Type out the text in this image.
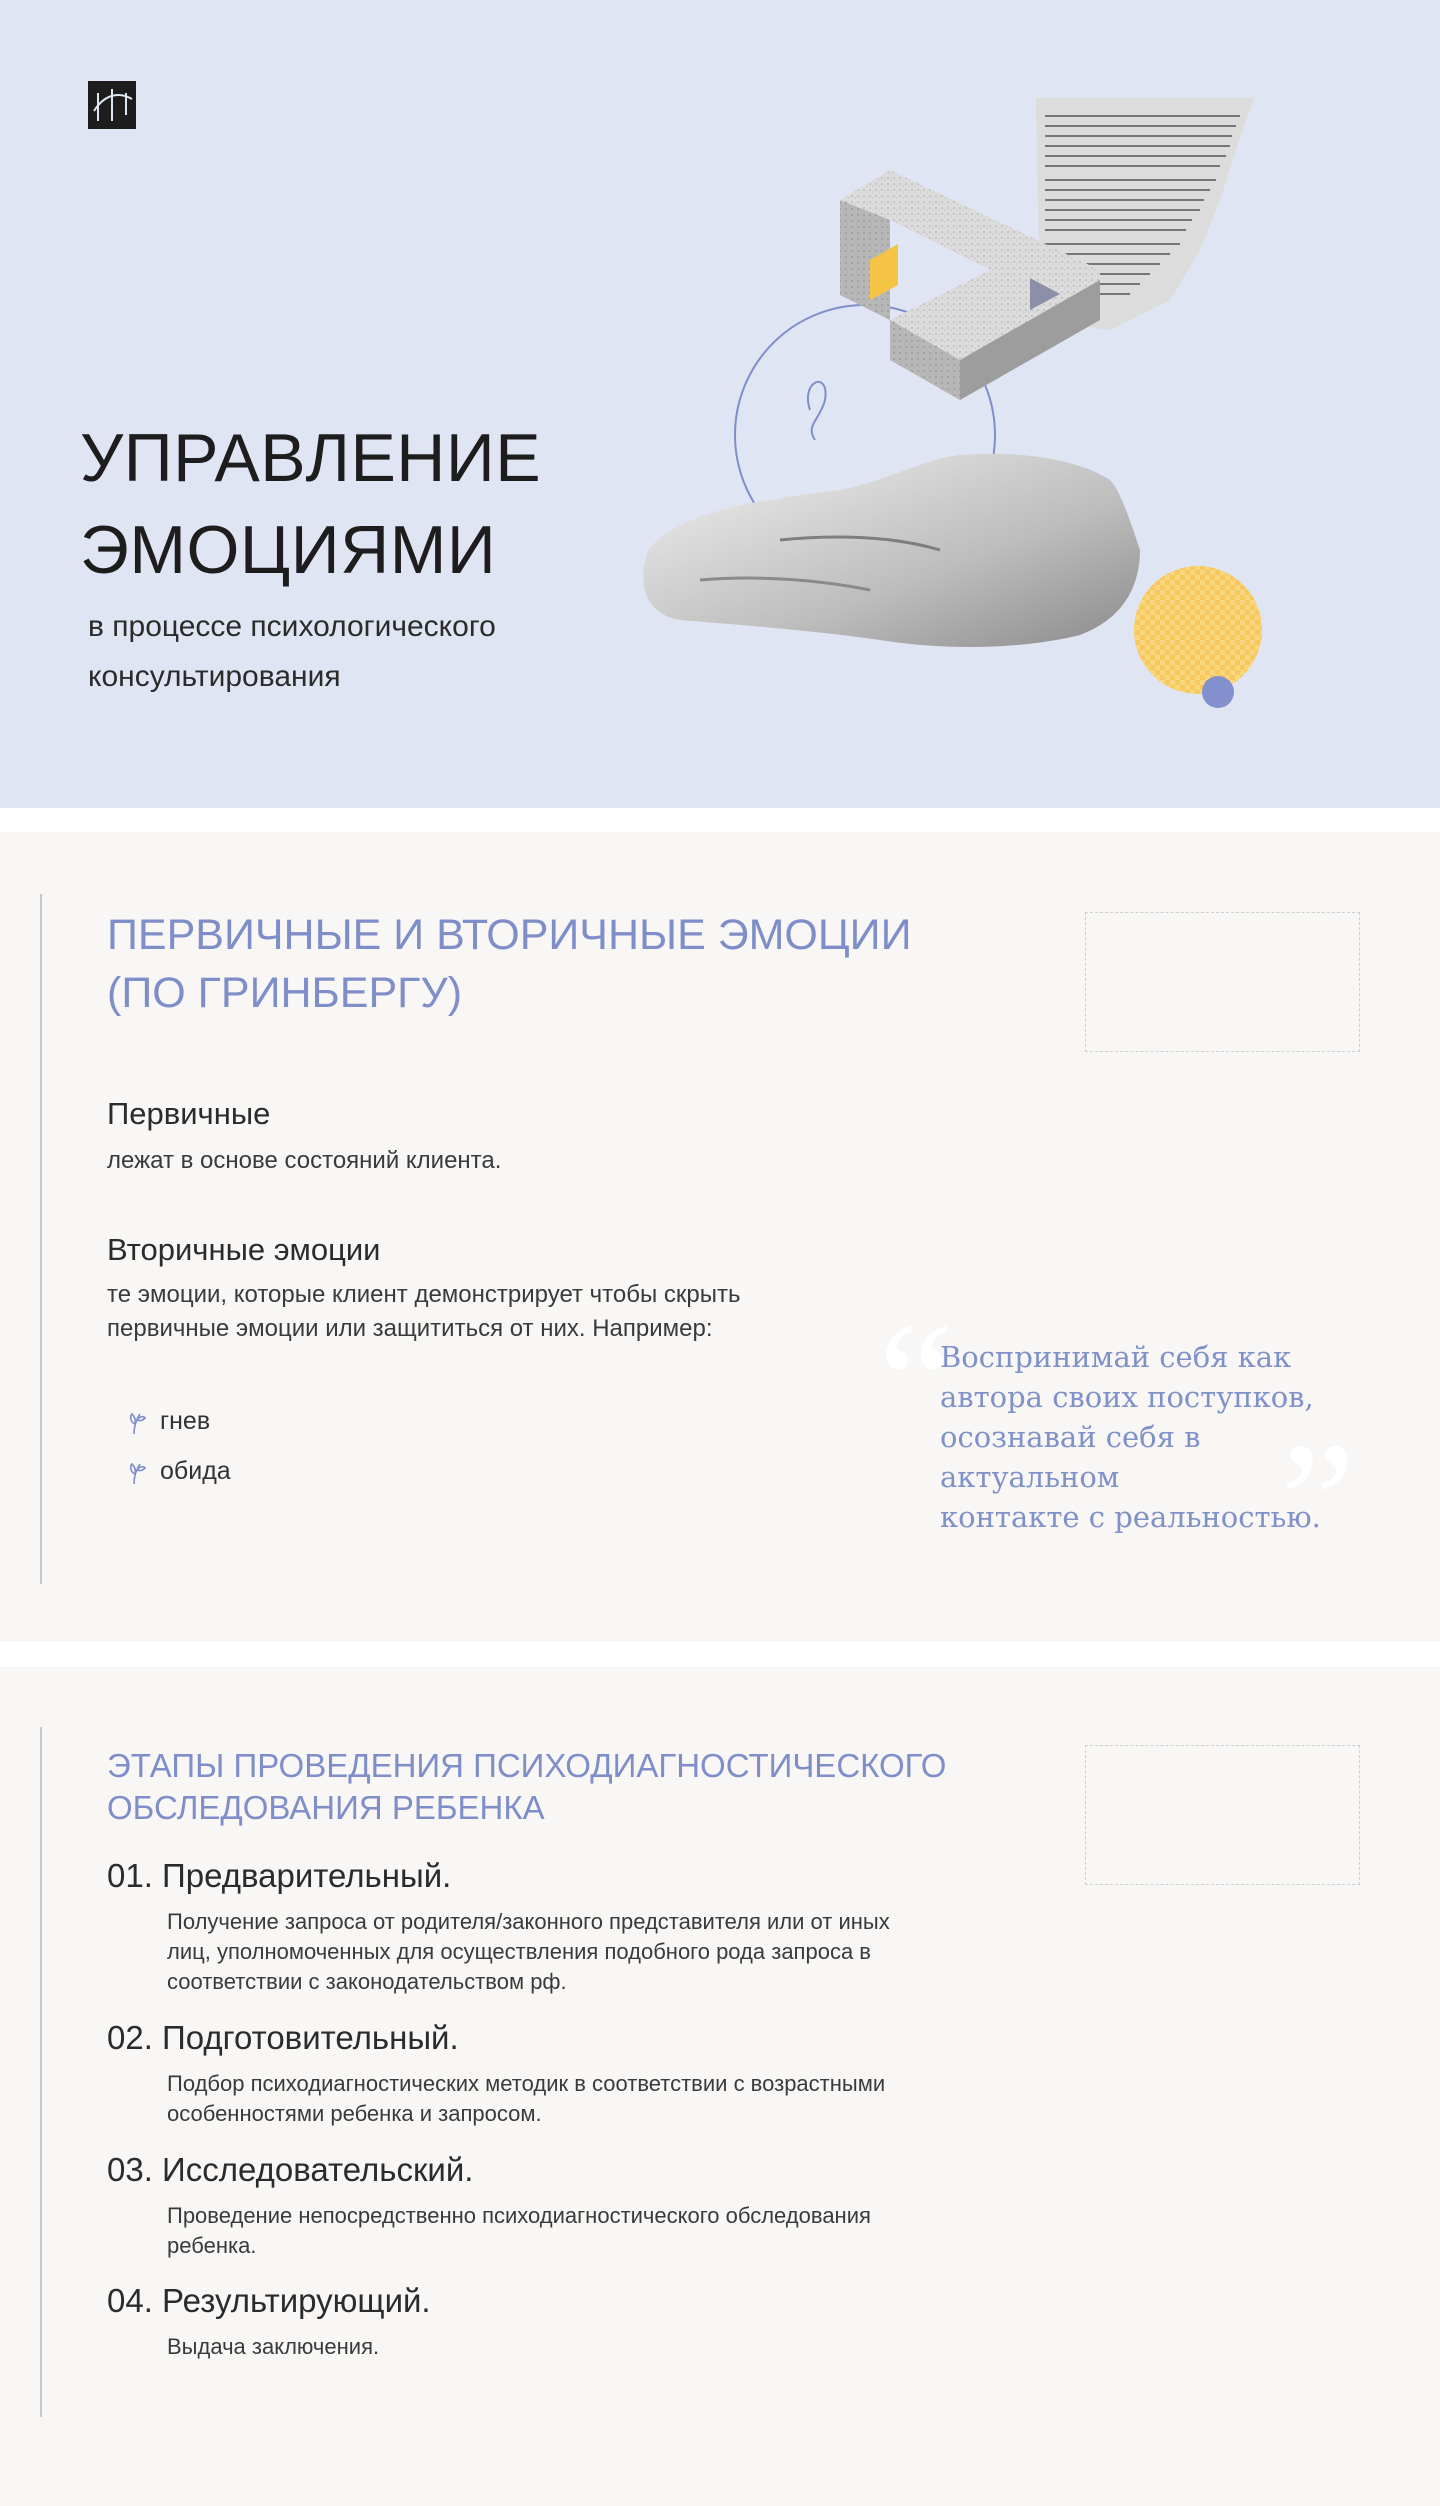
УПРАВЛЕНИЕ
ЭМОЦИЯМИ
в процессе психологического
консультирования
ПЕРВИЧНЫЕ И ВТОРИЧНЫЕ ЭМОЦИИ
(ПО ГРИНБЕРГУ)
Первичные

лежат в основе состояний клиента.

Вторичные эмоции
те эмоции, которые клиент демонстрирует чтобы скрыть
первичные эмоции или защититься от них. Например:
гнев
обида	“
”
Воспринимай себя как
автора своих поступков,
осознавай себя в актуальном
контакте с реальностью.
ЭТАПЫ ПРОВЕДЕНИЯ ПСИХОДИАГНОСТИЧЕСКОГО
ОБСЛЕДОВАНИЯ РЕБЕНКА
01. Предварительный.
Получение запроса от родителя/законного представителя или от иных
лиц, уполномоченных для осуществления подобного рода запроса в
соответствии с законодательством рф.
02. Подготовительный.
Подбор психодиагностических методик в соответствии с возрастными
особенностями ребенка и запросом.
03. Исследовательский.
Проведение непосредственно психодиагностического обследования
ребенка.
04. Результирующий.
Выдача заключения.
